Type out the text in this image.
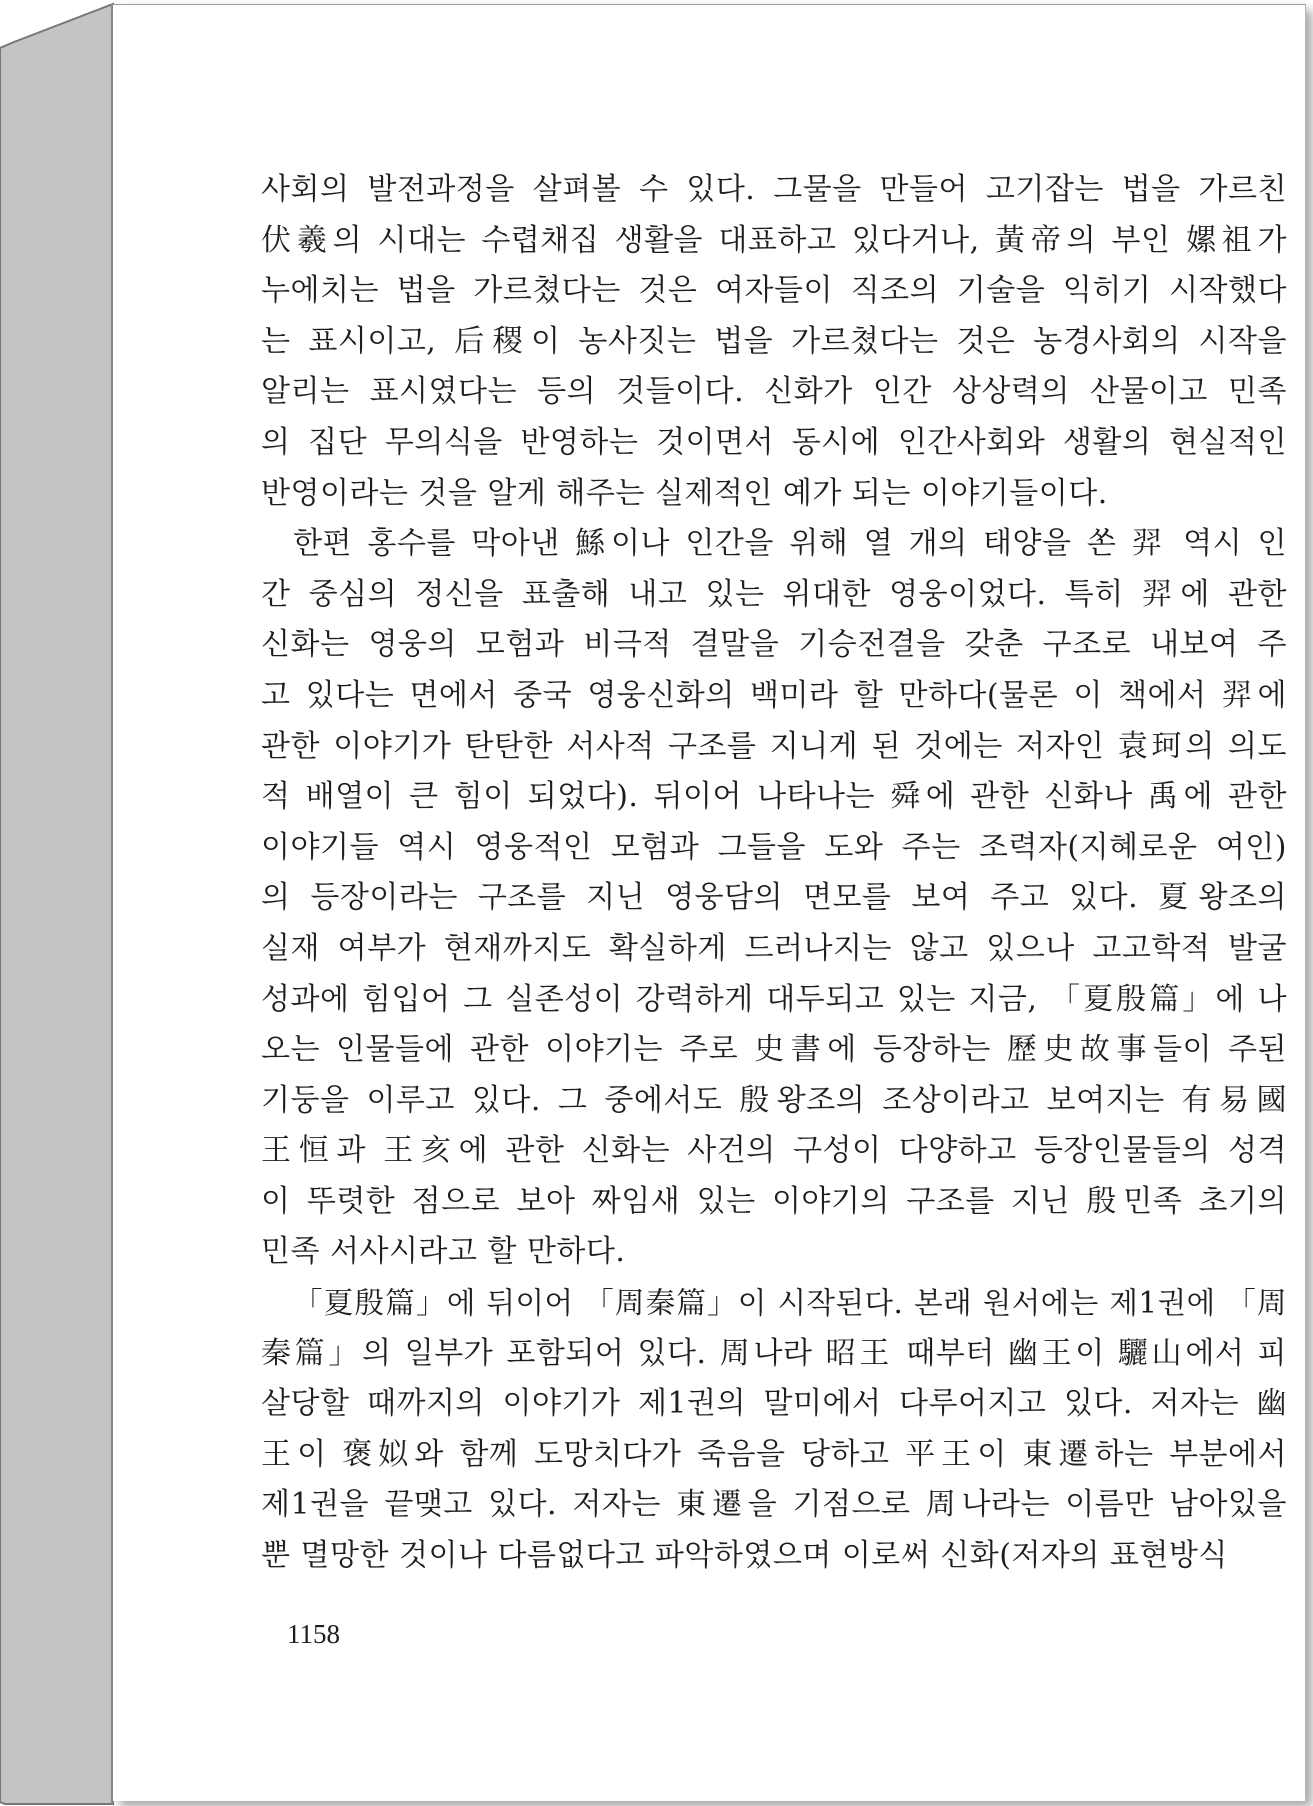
사회의 발전과정을 살펴볼 수 있다. 그물을 만들어 고기잡는 법을 가르친
伏羲의 시대는 수렵채집 생활을 대표하고 있다거나, 黃帝의 부인 嫘祖가
누에치는 법을 가르쳤다는 것은 여자들이 직조의 기술을 익히기 시작했다
는 표시이고, 后稷이 농사짓는 법을 가르쳤다는 것은 농경사회의 시작을
알리는 표시였다는 등의 것들이다. 신화가 인간 상상력의 산물이고 민족
의 집단 무의식을 반영하는 것이면서 동시에 인간사회와 생활의 현실적인
반영이라는 것을 알게 해주는 실제적인 예가 되는 이야기들이다.
한편 홍수를 막아낸 鯀이나 인간을 위해 열 개의 태양을 쏜 羿 역시 인
간 중심의 정신을 표출해 내고 있는 위대한 영웅이었다. 특히 羿에 관한
신화는 영웅의 모험과 비극적 결말을 기승전결을 갖춘 구조로 내보여 주
고 있다는 면에서 중국 영웅신화의 백미라 할 만하다(물론 이 책에서 羿에
관한 이야기가 탄탄한 서사적 구조를 지니게 된 것에는 저자인 袁珂의 의도
적 배열이 큰 힘이 되었다). 뒤이어 나타나는 舜에 관한 신화나 禹에 관한
이야기들 역시 영웅적인 모험과 그들을 도와 주는 조력자(지혜로운 여인)
의 등장이라는 구조를 지닌 영웅담의 면모를 보여 주고 있다. 夏왕조의
실재 여부가 현재까지도 확실하게 드러나지는 않고 있으나 고고학적 발굴
성과에 힘입어 그 실존성이 강력하게 대두되고 있는 지금, 「夏殷篇」에 나
오는 인물들에 관한 이야기는 주로 史書에 등장하는 歷史故事들이 주된
기둥을 이루고 있다. 그 중에서도 殷왕조의 조상이라고 보여지는 有易國
王恒과 王亥에 관한 신화는 사건의 구성이 다양하고 등장인물들의 성격
이 뚜렷한 점으로 보아 짜임새 있는 이야기의 구조를 지닌 殷민족 초기의
민족 서사시라고 할 만하다.
「夏殷篇」에 뒤이어 「周秦篇」이 시작된다. 본래 원서에는 제1권에 「周
秦篇」의 일부가 포함되어 있다. 周나라 昭王 때부터 幽王이 驪山에서 피
살당할 때까지의 이야기가 제1권의 말미에서 다루어지고 있다. 저자는 幽
王이 褒姒와 함께 도망치다가 죽음을 당하고 平王이 東遷하는 부분에서
제1권을 끝맺고 있다. 저자는 東遷을 기점으로 周나라는 이름만 남아있을
뿐 멸망한 것이나 다름없다고 파악하였으며 이로써 신화(저자의 표현방식
1158
